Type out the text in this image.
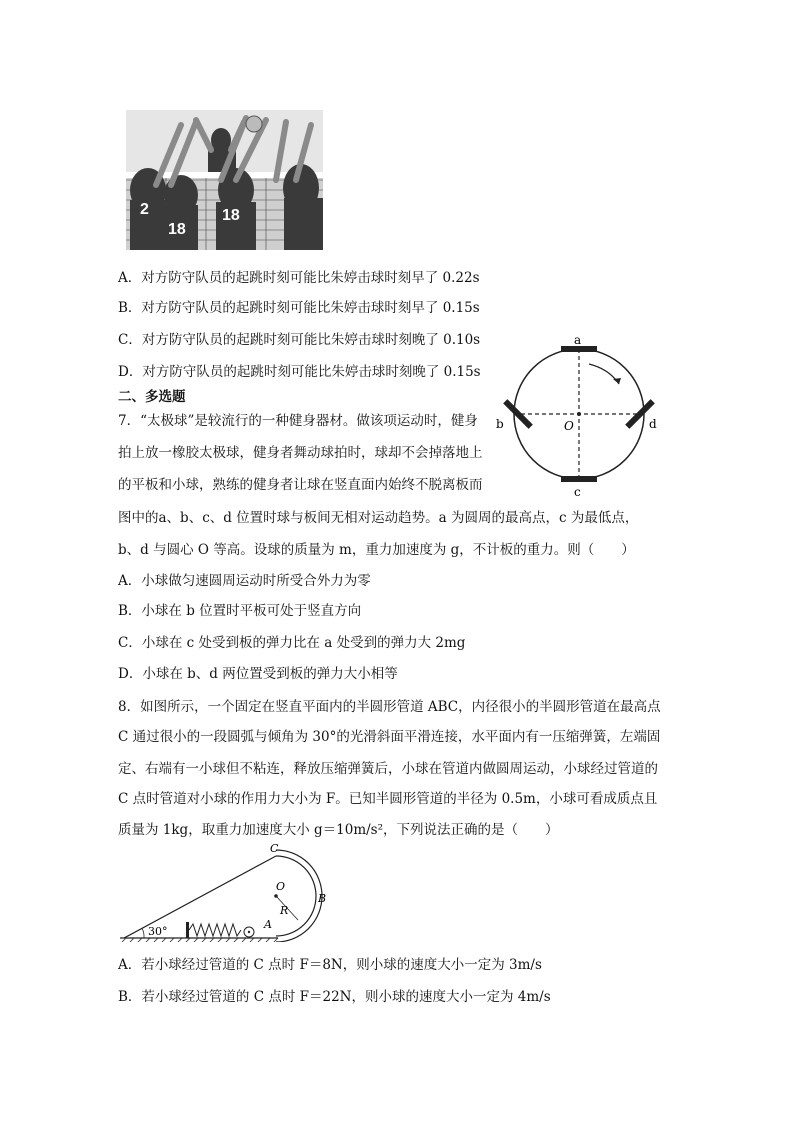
2
18
18
A．对方防守队员的起跳时刻可能比朱婷击球时刻早了 0.22s
B．对方防守队员的起跳时刻可能比朱婷击球时刻早了 0.15s
C．对方防守队员的起跳时刻可能比朱婷击球时刻晚了 0.10s
D．对方防守队员的起跳时刻可能比朱婷击球时刻晚了 0.15s
二、多选题
7．“太极球”是较流行的一种健身器材。做该项运动时，健身
拍上放一橡胶太极球，健身者舞动球拍时，球却不会掉落地上
的平板和小球，熟练的健身者让球在竖直面内始终不脱离板而
图中的a、b、c、d 位置时球与板间无相对运动趋势。a 为圆周的最高点，c 为最低点，
b、d 与圆心 O 等高。设球的质量为 m，重力加速度为 g，不计板的重力。则（　　）
a
b	d
c
O
A．小球做匀速圆周运动时所受合外力为零
B．小球在 b 位置时平板可处于竖直方向
C．小球在 c 处受到板的弹力比在 a 处受到的弹力大 2mg
D．小球在 b、d 两位置受到板的弹力大小相等
8．如图所示，一个固定在竖直平面内的半圆形管道 ABC，内径很小的半圆形管道在最高点
C 通过很小的一段圆弧与倾角为 30°的光滑斜面平滑连接，水平面内有一压缩弹簧，左端固
定、右端有一小球但不粘连，释放压缩弹簧后，小球在管道内做圆周运动，小球经过管道的
C 点时管道对小球的作用力大小为 F。已知半圆形管道的半径为 0.5m，小球可看成质点且
质量为 1kg，取重力加速度大小 g＝10m/s²，下列说法正确的是（　　）
30°
C
O
R
A
B
A．若小球经过管道的 C 点时 F＝8N，则小球的速度大小一定为 3m/s
B．若小球经过管道的 C 点时 F＝22N，则小球的速度大小一定为 4m/s
